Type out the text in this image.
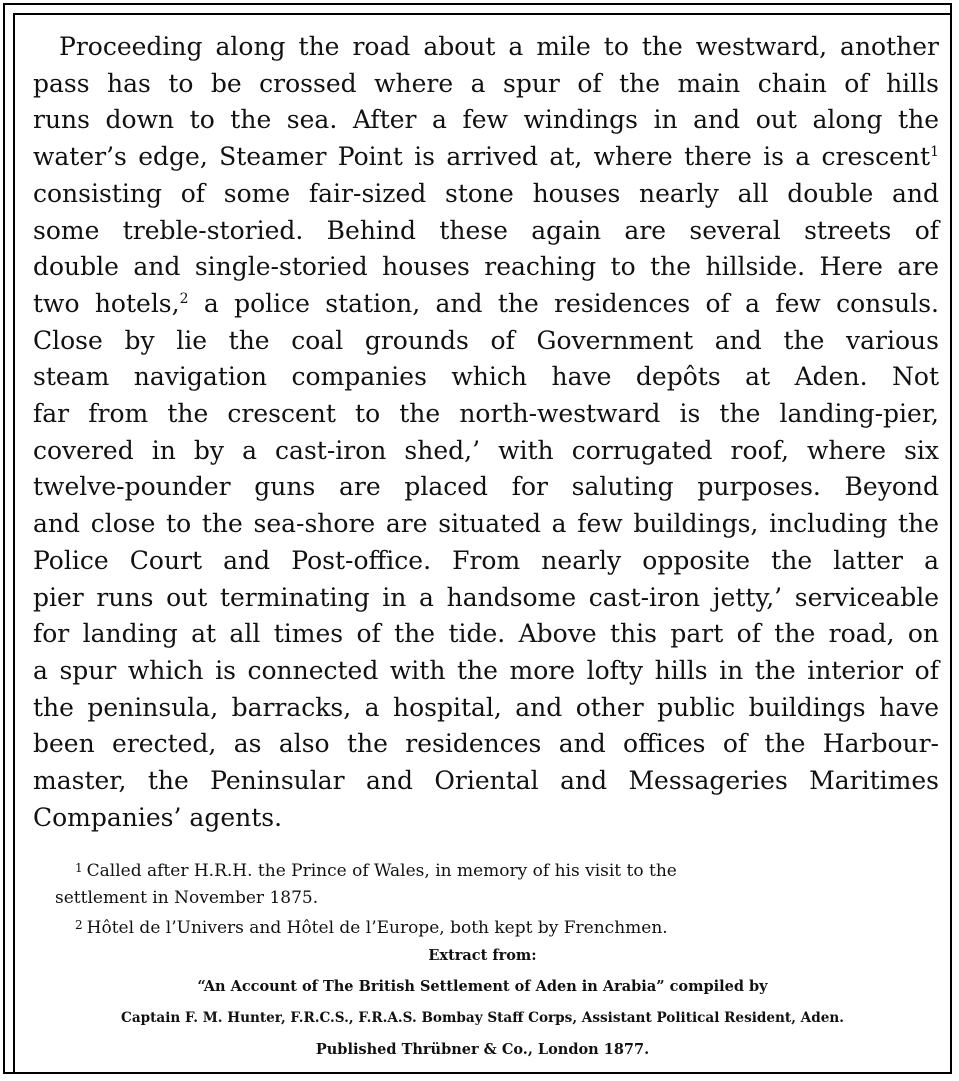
Proceeding along the road about a mile to the westward, another
pass has to be crossed where a spur of the main chain of hills
runs down to the sea. After a few windings in and out along the
water’s edge, Steamer Point is arrived at, where there is a crescent$^1$
consisting of some fair-sized stone houses nearly all double and
some treble-storied. Behind these again are several streets of
double and single-storied houses reaching to the hillside. Here are
two hotels,$^2$ a police station, and the residences of a few consuls.
Close by lie the coal grounds of Government and the various
steam navigation companies which have depôts at Aden. Not
far from the crescent to the north-westward is the landing-pier,
covered in by a cast-iron shed,’ with corrugated roof, where six
twelve-pounder guns are placed for saluting purposes. Beyond
and close to the sea-shore are situated a few buildings, including the
Police Court and Post-office. From nearly opposite the latter a
pier runs out terminating in a handsome cast-iron jetty,’ serviceable
for landing at all times of the tide. Above this part of the road, on
a spur which is connected with the more lofty hills in the interior of
the peninsula, barracks, a hospital, and other public buildings have
been erected, as also the residences and offices of the Harbour-
master, the Peninsular and Oriental and Messageries Maritimes
Companies’ agents.
$^1$ Called after H.R.H. the Prince of Wales, in memory of his visit to the
settlement in November 1875.
$^2$ Hôtel de l’Univers and Hôtel de l’Europe, both kept by Frenchmen.
Extract from:
“An Account of The British Settlement of Aden in Arabia” compiled by
Captain F. M. Hunter, F.R.C.S., F.R.A.S. Bombay Staff Corps, Assistant Political Resident, Aden.
Published Thrübner & Co., London 1877.
